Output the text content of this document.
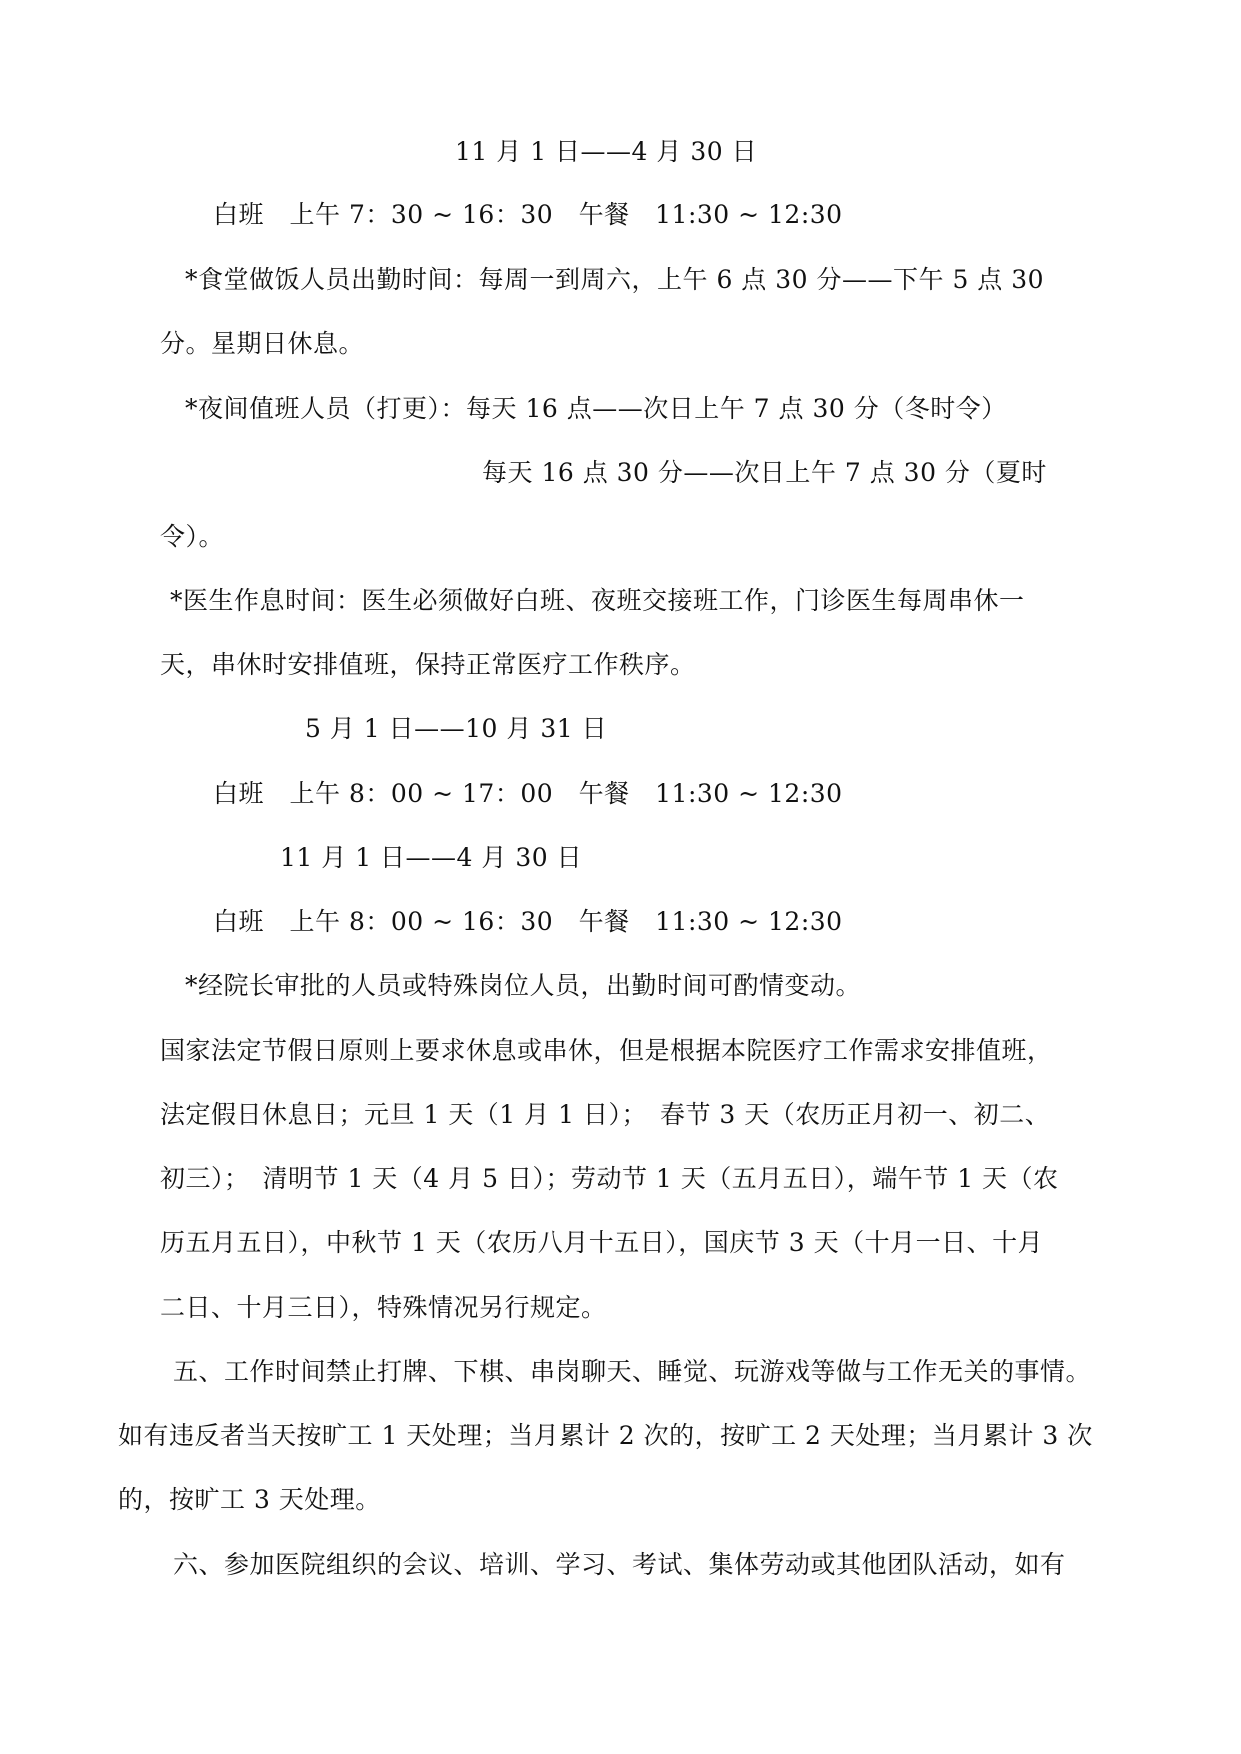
11 月 1 日——4 月 30 日
白班　上午 7：30 ~ 16：30　午餐　11:30 ~ 12:30
*食堂做饭人员出勤时间：每周一到周六，上午 6 点 30 分——下午 5 点 30
分。星期日休息。
*夜间值班人员（打更）：每天 16 点——次日上午 7 点 30 分（冬时令）
每天 16 点 30 分——次日上午 7 点 30 分（夏时
令）。
*医生作息时间：医生必须做好白班、夜班交接班工作，门诊医生每周串休一
天，串休时安排值班，保持正常医疗工作秩序。
5 月 1 日——10 月 31 日
白班　上午 8：00 ~ 17：00　午餐　11:30 ~ 12:30
11 月 1 日——4 月 30 日
白班　上午 8：00 ~ 16：30　午餐　11:30 ~ 12:30
*经院长审批的人员或特殊岗位人员，出勤时间可酌情变动。
国家法定节假日原则上要求休息或串休，但是根据本院医疗工作需求安排值班，
法定假日休息日；元旦 1 天（1 月 1 日）；　春节 3 天（农历正月初一、初二、
初三）；　清明节 1 天（4 月 5 日）；劳动节 1 天（五月五日），端午节 1 天（农
历五月五日），中秋节 1 天（农历八月十五日），国庆节 3 天（十月一日、十月
二日、十月三日），特殊情况另行规定。
五、工作时间禁止打牌、下棋、串岗聊天、睡觉、玩游戏等做与工作无关的事情。
如有违反者当天按旷工 1 天处理；当月累计 2 次的，按旷工 2 天处理；当月累计 3 次
的，按旷工 3 天处理。
六、参加医院组织的会议、培训、学习、考试、集体劳动或其他团队活动，如有
